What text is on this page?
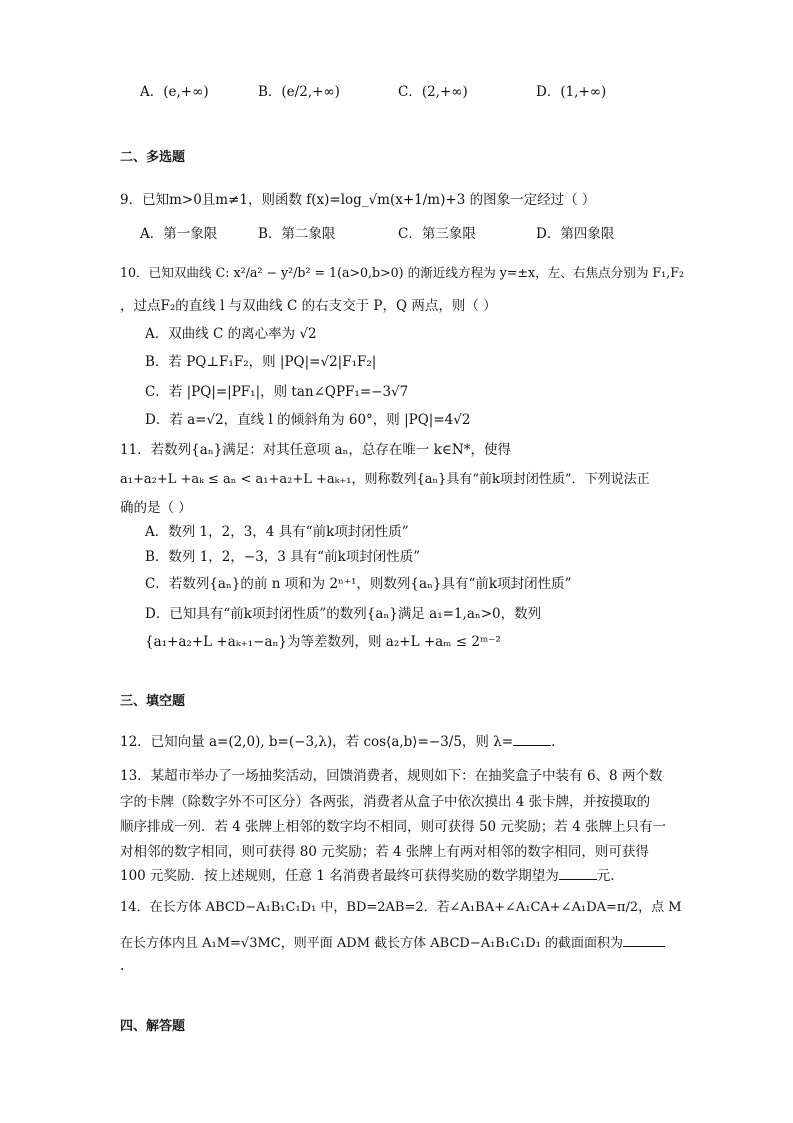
A．(e,+∞)	B．(e/2,+∞)	C．(2,+∞)	D．(1,+∞)
二、多选题
9．已知m>0且m≠1，则函数 f(x)=log_√m(x+1/m)+3 的图象一定经过（ ）
A．第一象限	B．第二象限	C．第三象限	D．第四象限
10．已知双曲线 C: x²/a² − y²/b² = 1(a>0,b>0) 的渐近线方程为 y=±x，左、右焦点分别为 F₁,F₂
，过点F₂的直线 l 与双曲线 C 的右支交于 P，Q 两点，则（ ）
A．双曲线 C 的离心率为 √2
B．若 PQ⊥F₁F₂，则 |PQ|=√2|F₁F₂|
C．若 |PQ|=|PF₁|，则 tan∠QPF₁=−3√7
D．若 a=√2，直线 l 的倾斜角为 60°，则 |PQ|=4√2
11．若数列{aₙ}满足：对其任意项 aₙ，总存在唯一 k∈N*，使得
a₁+a₂+L +aₖ ≤ aₙ < a₁+a₂+L +aₖ₊₁，则称数列{aₙ}具有“前k项封闭性质”．下列说法正
确的是（ ）
A．数列 1，2，3，4 具有“前k项封闭性质”
B．数列 1，2，−3，3 具有“前k项封闭性质”
C．若数列{aₙ}的前 n 项和为 2ⁿ⁺¹，则数列{aₙ}具有“前k项封闭性质”
D．已知具有“前k项封闭性质”的数列{aₙ}满足 a₁=1,aₙ>0，数列
{a₁+a₂+L +aₖ₊₁−aₙ}为等差数列，则 a₂+L +aₘ ≤ 2ᵐ⁻²
三、填空题
12．已知向量 a=(2,0), b=(−3,λ)，若 cos⟨a,b⟩=−3/5，则 λ=	.
13．某超市举办了一场抽奖活动，回馈消费者，规则如下：在抽奖盒子中装有 6、8 两个数
字的卡牌（除数字外不可区分）各两张，消费者从盒子中依次摸出 4 张卡牌，并按摸取的
顺序排成一列．若 4 张牌上相邻的数字均不相同，则可获得 50 元奖励；若 4 张牌上只有一
对相邻的数字相同，则可获得 80 元奖励；若 4 张牌上有两对相邻的数字相同，则可获得
100 元奖励．按上述规则，任意 1 名消费者最终可获得奖励的数学期望为	元.
14．在长方体 ABCD−A₁B₁C₁D₁ 中，BD=2AB=2．若∠A₁BA+∠A₁CA+∠A₁DA=π/2，点 M
在长方体内且 A₁M=√3MC，则平面 ADM 截长方体 ABCD−A₁B₁C₁D₁ 的截面面积为
.
四、解答题
